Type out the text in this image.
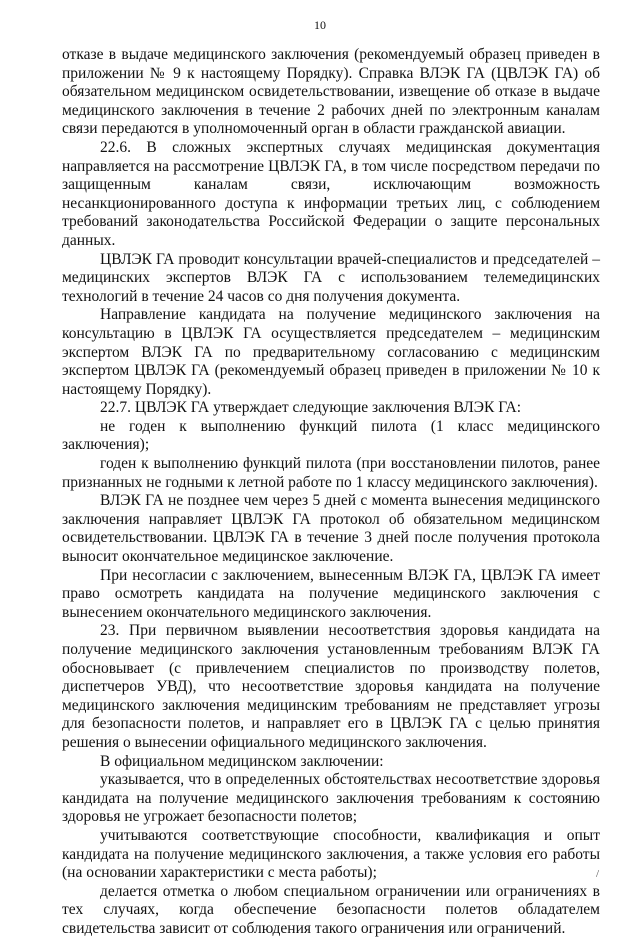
10

отказе в выдаче медицинского заключения (рекомендуемый образец приведен в приложении № 9 к настоящему Порядку). Справка ВЛЭК ГА (ЦВЛЭК ГА) об обязательном медицинском освидетельствовании, извещение об отказе в выдаче медицинского заключения в течение 2 рабочих дней по электронным каналам связи передаются в уполномоченный орган в области гражданской авиации.

22.6. В сложных экспертных случаях медицинская документация направляется на рассмотрение ЦВЛЭК ГА, в том числе посредством передачи по защищенным каналам связи, исключающим возможность несанкционированного доступа к информации третьих лиц, с соблюдением требований законодательства Российской Федерации о защите персональных данных.

ЦВЛЭК ГА проводит консультации врачей-специалистов и председателей – медицинских экспертов ВЛЭК ГА с использованием телемедицинских технологий в течение 24 часов со дня получения документа.

Направление кандидата на получение медицинского заключения на консультацию в ЦВЛЭК ГА осуществляется председателем – медицинским экспертом ВЛЭК ГА по предварительному согласованию с медицинским экспертом ЦВЛЭК ГА (рекомендуемый образец приведен в приложении № 10 к настоящему Порядку).

22.7. ЦВЛЭК ГА утверждает следующие заключения ВЛЭК ГА:

не годен к выполнению функций пилота (1 класс медицинского заключения);

годен к выполнению функций пилота (при восстановлении пилотов, ранее признанных не годными к летной работе по 1 классу медицинского заключения).

ВЛЭК ГА не позднее чем через 5 дней с момента вынесения медицинского заключения направляет ЦВЛЭК ГА протокол об обязательном медицинском освидетельствовании. ЦВЛЭК ГА в течение 3 дней после получения протокола выносит окончательное медицинское заключение.

При несогласии с заключением, вынесенным ВЛЭК ГА, ЦВЛЭК ГА имеет право осмотреть кандидата на получение медицинского заключения с вынесением окончательного медицинского заключения.

23. При первичном выявлении несоответствия здоровья кандидата на получение медицинского заключения установленным требованиям ВЛЭК ГА обосновывает (с привлечением специалистов по производству полетов, диспетчеров УВД), что несоответствие здоровья кандидата на получение медицинского заключения медицинским требованиям не представляет угрозы для безопасности полетов, и направляет его в ЦВЛЭК ГА с целью принятия решения о вынесении официального медицинского заключения.

В официальном медицинском заключении:

указывается, что в определенных обстоятельствах несоответствие здоровья кандидата на получение медицинского заключения требованиям к состоянию здоровья не угрожает безопасности полетов;

учитываются соответствующие способности, квалификация и опыт кандидата на получение медицинского заключения, а также условия его работы (на основании характеристики с места работы);

делается отметка о любом специальном ограничении или ограничениях в тех случаях, когда обеспечение безопасности полетов обладателем свидетельства зависит от соблюдения такого ограничения или ограничений.

/
